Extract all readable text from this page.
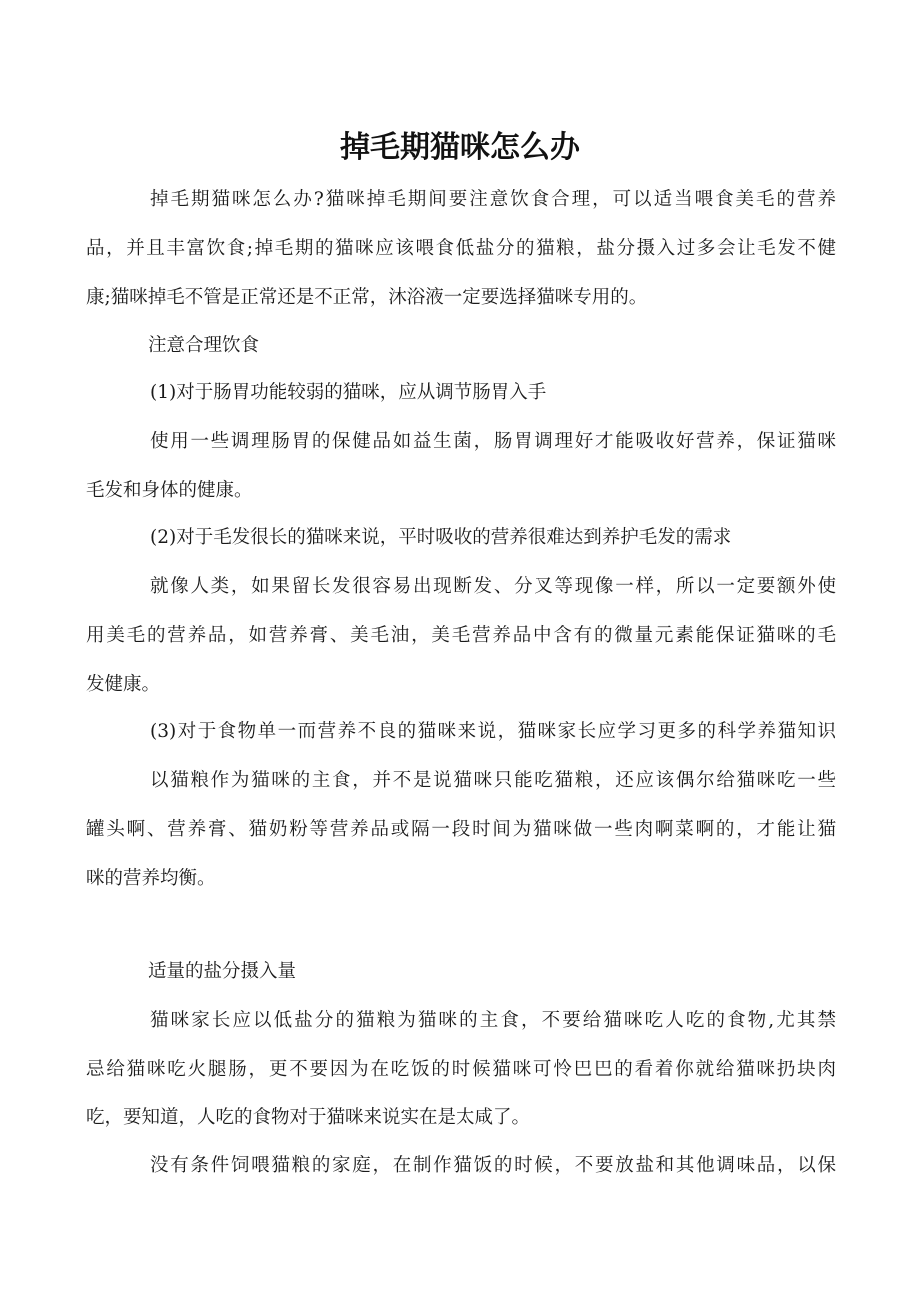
掉毛期猫咪怎么办

掉毛期猫咪怎么办?猫咪掉毛期间要注意饮食合理，可以适当喂食美毛的营养

品，并且丰富饮食;掉毛期的猫咪应该喂食低盐分的猫粮，盐分摄入过多会让毛发不健

康;猫咪掉毛不管是正常还是不正常，沐浴液一定要选择猫咪专用的。

注意合理饮食

(1)对于肠胃功能较弱的猫咪，应从调节肠胃入手

使用一些调理肠胃的保健品如益生菌，肠胃调理好才能吸收好营养，保证猫咪

毛发和身体的健康。

(2)对于毛发很长的猫咪来说，平时吸收的营养很难达到养护毛发的需求

就像人类，如果留长发很容易出现断发、分叉等现像一样，所以一定要额外使

用美毛的营养品，如营养膏、美毛油，美毛营养品中含有的微量元素能保证猫咪的毛

发健康。

(3)对于食物单一而营养不良的猫咪来说，猫咪家长应学习更多的科学养猫知识

以猫粮作为猫咪的主食，并不是说猫咪只能吃猫粮，还应该偶尔给猫咪吃一些

罐头啊、营养膏、猫奶粉等营养品或隔一段时间为猫咪做一些肉啊菜啊的，才能让猫

咪的营养均衡。

适量的盐分摄入量

猫咪家长应以低盐分的猫粮为猫咪的主食，不要给猫咪吃人吃的食物,尤其禁

忌给猫咪吃火腿肠，更不要因为在吃饭的时候猫咪可怜巴巴的看着你就给猫咪扔块肉

吃，要知道，人吃的食物对于猫咪来说实在是太咸了。

没有条件饲喂猫粮的家庭，在制作猫饭的时候，不要放盐和其他调味品，以保
